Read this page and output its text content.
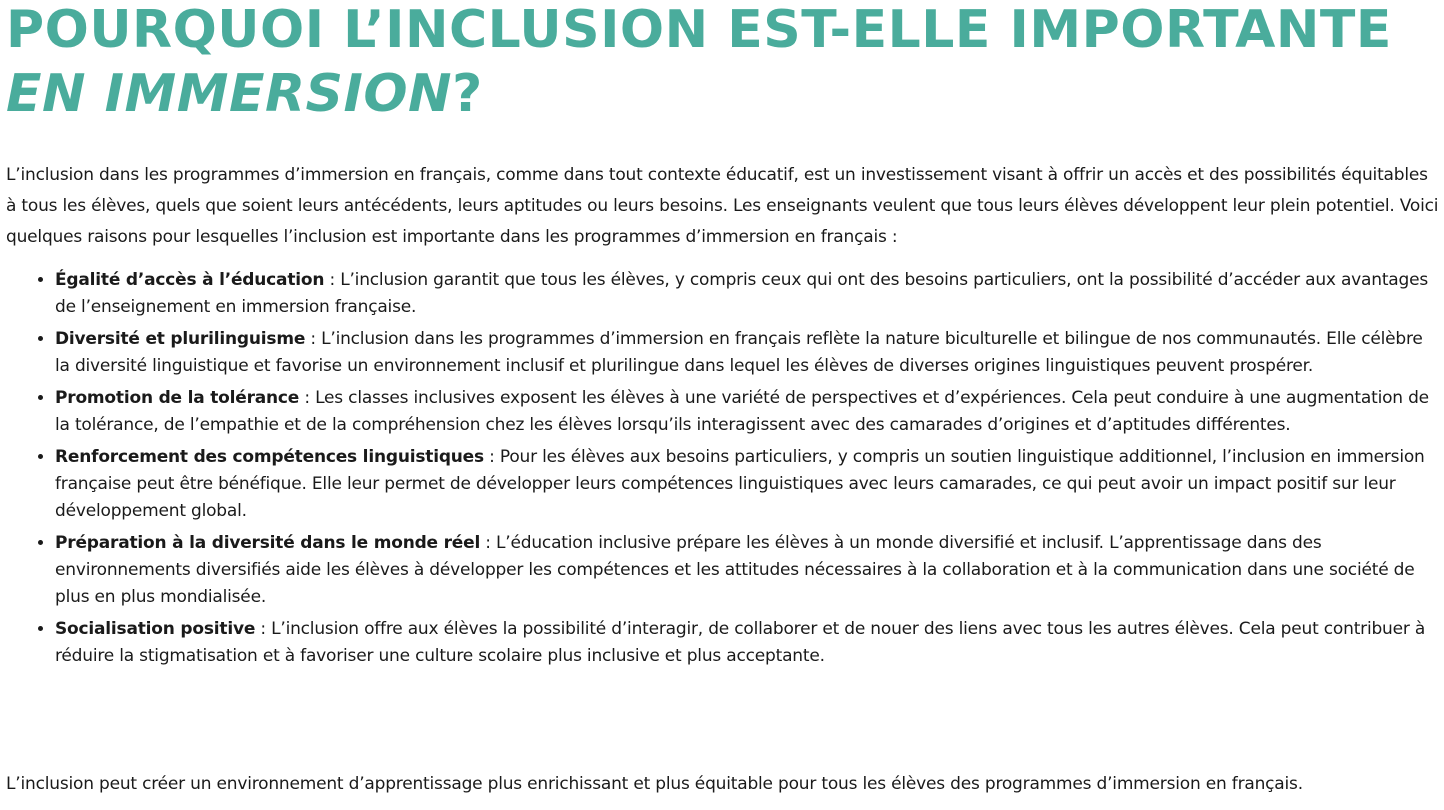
POURQUOI L’INCLUSION EST-ELLE IMPORTANTE
EN IMMERSION?

L’inclusion dans les programmes d’immersion en français, comme dans tout contexte éducatif, est un investissement visant à offrir un accès et des possibilités équitables à tous les élèves, quels que soient leurs antécédents, leurs aptitudes ou leurs besoins. Les enseignants veulent que tous leurs élèves développent leur plein potentiel. Voici quelques raisons pour lesquelles l’inclusion est importante dans les programmes d’immersion en français :

• Égalité d’accès à l’éducation : L’inclusion garantit que tous les élèves, y compris ceux qui ont des besoins particuliers, ont la possibilité d’accéder aux avantages de l’enseignement en immersion française.
• Diversité et plurilinguisme : L’inclusion dans les programmes d’immersion en français reflète la nature biculturelle et bilingue de nos communautés. Elle célèbre la diversité linguistique et favorise un environnement inclusif et plurilingue dans lequel les élèves de diverses origines linguistiques peuvent prospérer.
• Promotion de la tolérance : Les classes inclusives exposent les élèves à une variété de perspectives et d’expériences. Cela peut conduire à une augmentation de la tolérance, de l’empathie et de la compréhension chez les élèves lorsqu’ils interagissent avec des camarades d’origines et d’aptitudes différentes.
• Renforcement des compétences linguistiques : Pour les élèves aux besoins particuliers, y compris un soutien linguistique additionnel, l’inclusion en immersion française peut être bénéfique. Elle leur permet de développer leurs compétences linguistiques avec leurs camarades, ce qui peut avoir un impact positif sur leur développement global.
• Préparation à la diversité dans le monde réel : L’éducation inclusive prépare les élèves à un monde diversifié et inclusif. L’apprentissage dans des environnements diversifiés aide les élèves à développer les compétences et les attitudes nécessaires à la collaboration et à la communication dans une société de plus en plus mondialisée.
• Socialisation positive : L’inclusion offre aux élèves la possibilité d’interagir, de collaborer et de nouer des liens avec tous les autres élèves. Cela peut contribuer à réduire la stigmatisation et à favoriser une culture scolaire plus inclusive et plus acceptante.

L’inclusion peut créer un environnement d’apprentissage plus enrichissant et plus équitable pour tous les élèves des programmes d’immersion en français.
